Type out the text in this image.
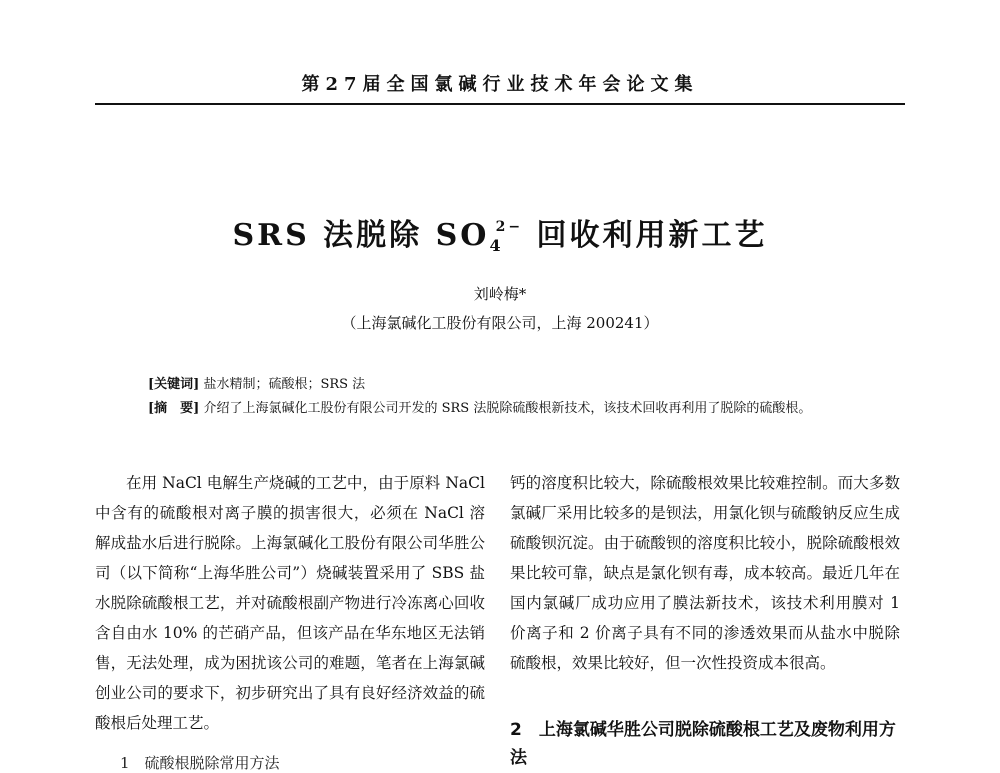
第27届全国氯碱行业技术年会论文集
SRS 法脱除 $SO_4^{2-}$ 回收利用新工艺
刘岭梅*
（上海氯碱化工股份有限公司，上海 200241）
[关键词] 盐水精制；硫酸根；SRS 法
[摘　要] 介绍了上海氯碱化工股份有限公司开发的 SRS 法脱除硫酸根新技术，该技术回收再利用了脱除的硫酸根。

在用 NaCl 电解生产烧碱的工艺中，由于原料 NaCl 中含有的硫酸根对离子膜的损害很大，必须在 NaCl 溶解成盐水后进行脱除。上海氯碱化工股份有限公司华胜公司（以下简称“上海华胜公司”）烧碱装置采用了 SBS 盐水脱除硫酸根工艺，并对硫酸根副产物进行冷冻离心回收含自由水 10% 的芒硝产品，但该产品在华东地区无法销售，无法处理，成为困扰该公司的难题，笔者在上海氯碱创业公司的要求下，初步研究出了具有良好经济效益的硫酸根后处理工艺。

钙的溶度积比较大，除硫酸根效果比较难控制。而大多数氯碱厂采用比较多的是钡法，用氯化钡与硫酸钠反应生成硫酸钡沉淀。由于硫酸钡的溶度积比较小，脱除硫酸根效果比较可靠，缺点是氯化钡有毒，成本较高。最近几年在国内氯碱厂成功应用了膜法新技术，该技术利用膜对 1 价离子和 2 价离子具有不同的渗透效果而从盐水中脱除硫酸根，效果比较好，但一次性投资成本很高。

2　上海氯碱华胜公司脱除硫酸根工艺及废物利用方法
1　硫酸根脱除常用方法
